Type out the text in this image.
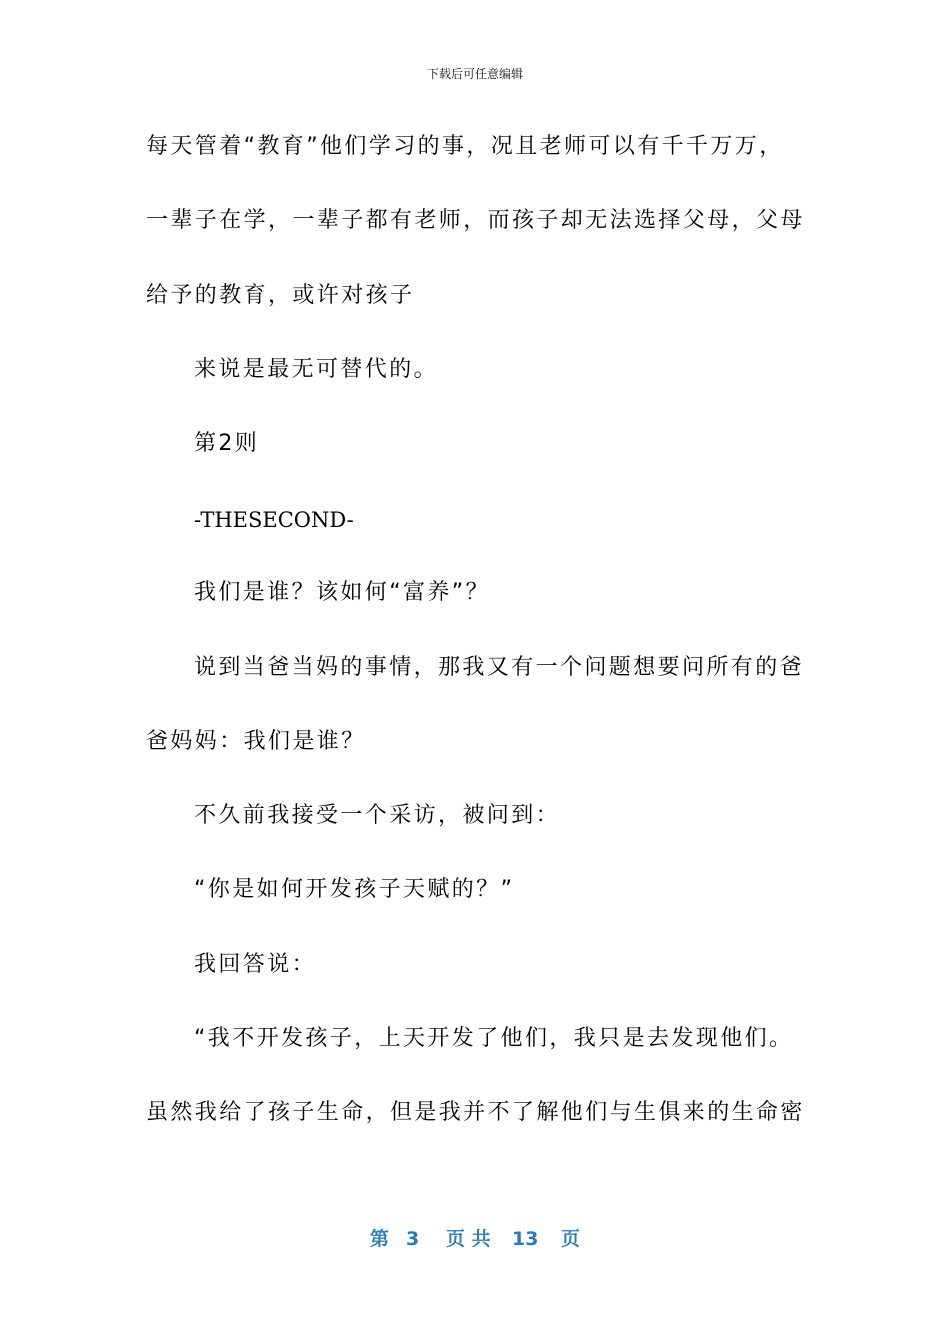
下载后可任意编辑
每天管着“教育”他们学习的事，况且老师可以有千千万万，
一辈子在学，一辈子都有老师，而孩子却无法选择父母，父母
给予的教育，或许对孩子
来说是最无可替代的。
第2则
-THESECOND-
我们是谁？该如何“富养”？
说到当爸当妈的事情，那我又有一个问题想要问所有的爸
爸妈妈：我们是谁？
不久前我接受一个采访，被问到：
“你是如何开发孩子天赋的？”
我回答说：
“我不开发孩子，上天开发了他们，我只是去发现他们。
虽然我给了孩子生命，但是我并不了解他们与生俱来的生命密
第 3 页 共 13 页
